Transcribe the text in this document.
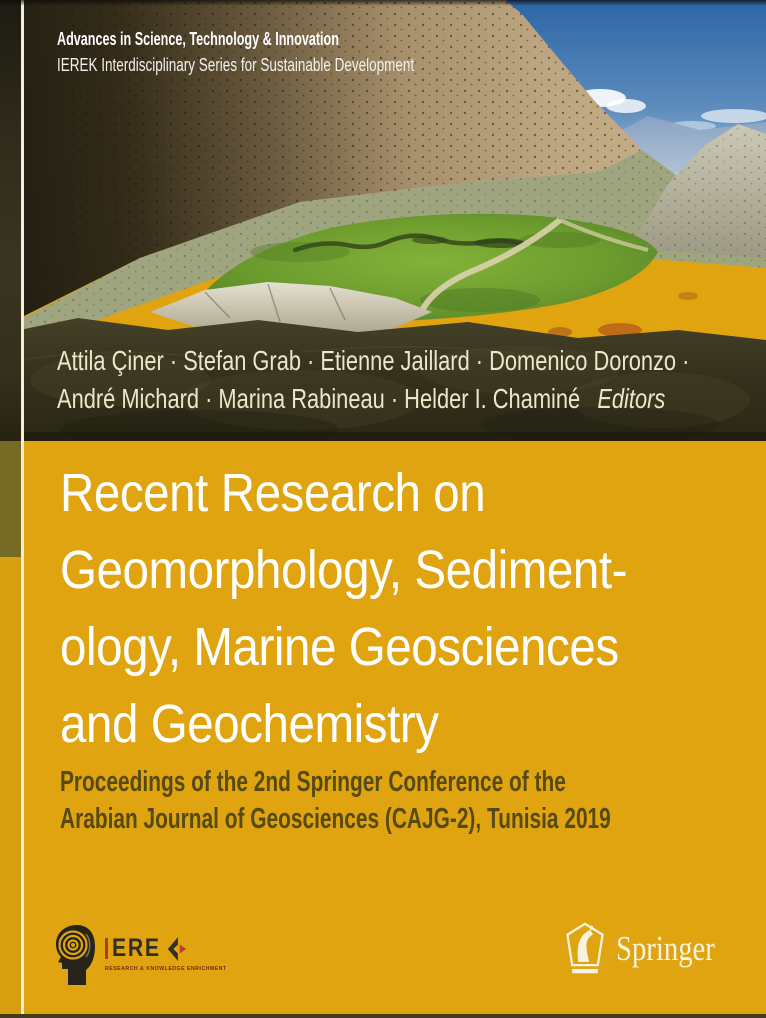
Advances in Science, Technology & Innovation
IEREK Interdisciplinary Series for Sustainable Development
Attila Çiner · Stefan Grab · Etienne Jaillard · Domenico Doronzo ·
André Michard · Marina Rabineau · Helder I. Chaminé Editors
Recent Research on
Geomorphology, Sediment-
ology, Marine Geosciences
and Geochemistry
Proceedings of the 2nd Springer Conference of the
Arabian Journal of Geosciences (CAJG-2), Tunisia 2019
ERE
RESEARCH & KNOWLEDGE ENRICHMENT
Springer
